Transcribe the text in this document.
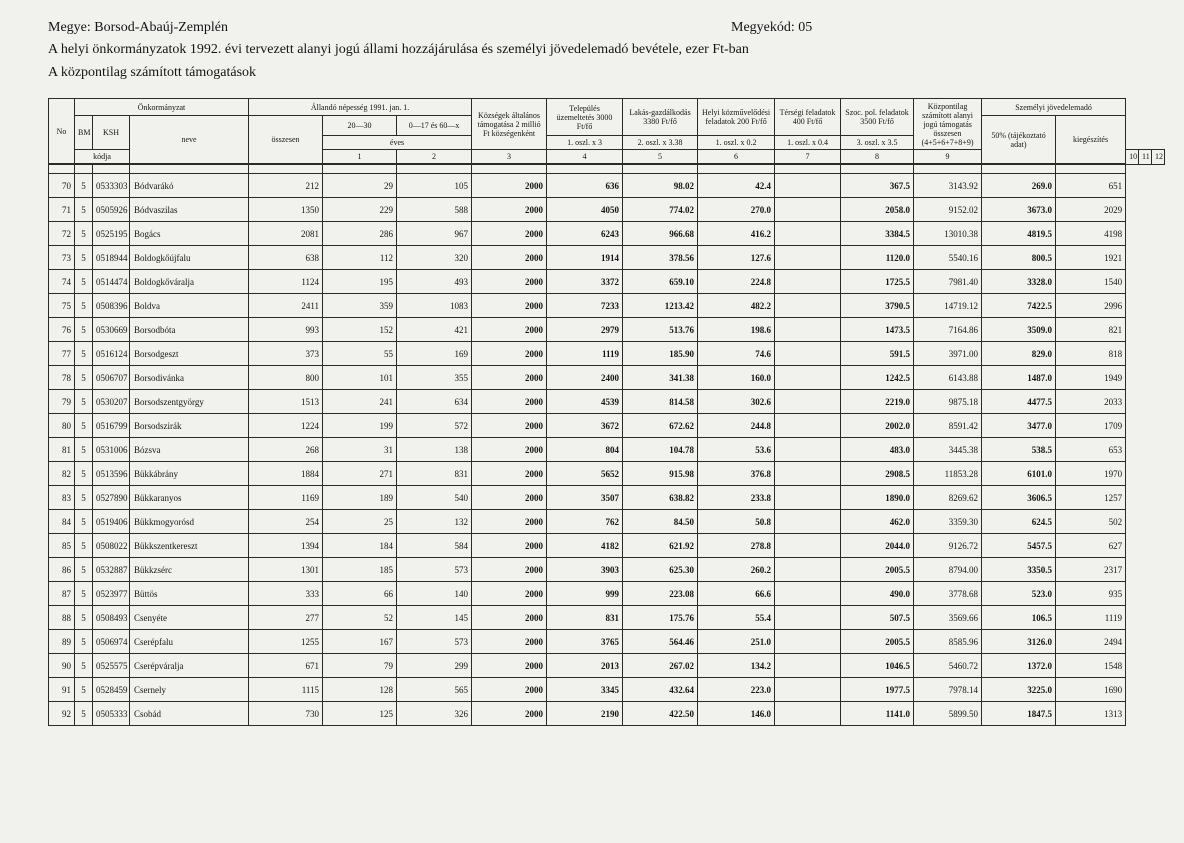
Megye: Borsod-Abaúj-Zemplén	Megyekód: 05
A helyi önkormányzatok 1992. évi tervezett alanyi jogú állami hozzájárulása és személyi jövedelemadó bevétele, ezer Ft-ban
A központilag számított támogatások
No	Önkormányzat			Állandó népesség 1991. jan. 1.			Községek általános támogatása 2 millió Ft községenként	Település üzemeltetés 3000 Ft/fő	Lakás-gazdálkodás 3380 Ft/fő	Helyi közművelődési feladatok 200 Ft/fő	Térségi feladatok 400 Ft/fő	Szoc. pol. feladatok 3500 Ft/fő	Központilag számított alanyi jogú támogatás összesen (4+5+6+7+8+9)	Személyi jövedelemadó				
	BM	KSH	neve	összesen	20—30	0—17 és 60—x								50% (tájékoztató adat)	kiegészítés			
					éves			1. oszl. x 3	2. oszl. x 3.38	1. oszl. x 0.2	1. oszl. x 0.4	3. oszl. x 3.5						
	kódja				1	2	3	4	5	6	7	8	9			10	11	12

70	5	0533303	Bódvarákó	212	29	105	2000	636	98.02	42.4		367.5	3143.92	269.0	651			
71	5	0505926	Bódvaszilas	1350	229	588	2000	4050	774.02	270.0		2058.0	9152.02	3673.0	2029			
72	5	0525195	Bogács	2081	286	967	2000	6243	966.68	416.2		3384.5	13010.38	4819.5	4198			
73	5	0518944	Boldogkőújfalu	638	112	320	2000	1914	378.56	127.6		1120.0	5540.16	800.5	1921			
74	5	0514474	Boldogkőváralja	1124	195	493	2000	3372	659.10	224.8		1725.5	7981.40	3328.0	1540			
75	5	0508396	Boldva	2411	359	1083	2000	7233	1213.42	482.2		3790.5	14719.12	7422.5	2996			
76	5	0530669	Borsodbóta	993	152	421	2000	2979	513.76	198.6		1473.5	7164.86	3509.0	821			
77	5	0516124	Borsodgeszt	373	55	169	2000	1119	185.90	74.6		591.5	3971.00	829.0	818			
78	5	0506707	Borsodivánka	800	101	355	2000	2400	341.38	160.0		1242.5	6143.88	1487.0	1949			
79	5	0530207	Borsodszentgyörgy	1513	241	634	2000	4539	814.58	302.6		2219.0	9875.18	4477.5	2033			
80	5	0516799	Borsodszirák	1224	199	572	2000	3672	672.62	244.8		2002.0	8591.42	3477.0	1709			
81	5	0531006	Bózsva	268	31	138	2000	804	104.78	53.6		483.0	3445.38	538.5	653			
82	5	0513596	Bükkábrány	1884	271	831	2000	5652	915.98	376.8		2908.5	11853.28	6101.0	1970			
83	5	0527890	Bükkaranyos	1169	189	540	2000	3507	638.82	233.8		1890.0	8269.62	3606.5	1257			
84	5	0519406	Bükkmogyorósd	254	25	132	2000	762	84.50	50.8		462.0	3359.30	624.5	502			
85	5	0508022	Bükkszentkereszt	1394	184	584	2000	4182	621.92	278.8		2044.0	9126.72	5457.5	627			
86	5	0532887	Bükkzsérc	1301	185	573	2000	3903	625.30	260.2		2005.5	8794.00	3350.5	2317			
87	5	0523977	Büttös	333	66	140	2000	999	223.08	66.6		490.0	3778.68	523.0	935			
88	5	0508493	Csenyéte	277	52	145	2000	831	175.76	55.4		507.5	3569.66	106.5	1119			
89	5	0506974	Cserépfalu	1255	167	573	2000	3765	564.46	251.0		2005.5	8585.96	3126.0	2494			
90	5	0525575	Cserépváralja	671	79	299	2000	2013	267.02	134.2		1046.5	5460.72	1372.0	1548			
91	5	0528459	Csernely	1115	128	565	2000	3345	432.64	223.0		1977.5	7978.14	3225.0	1690			
92	5	0505333	Csobád	730	125	326	2000	2190	422.50	146.0		1141.0	5899.50	1847.5	1313			
